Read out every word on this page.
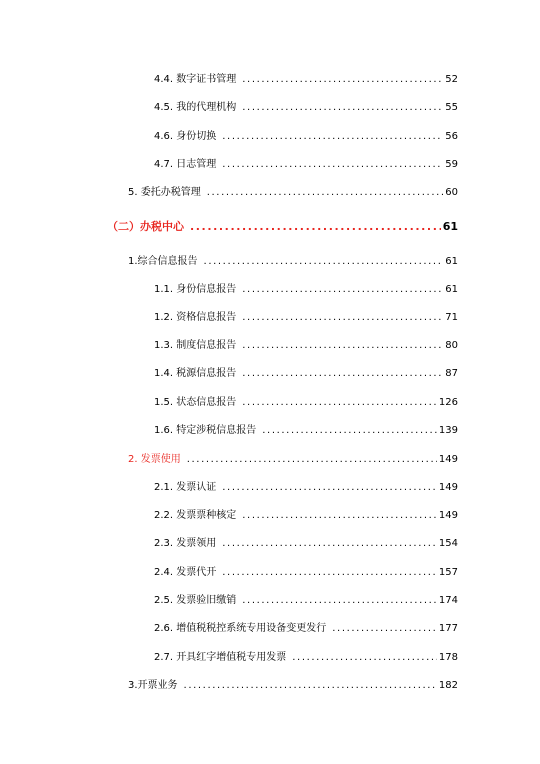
4.4. 数字证书管理 .....	52
4.5. 我的代理机构 .....	55
4.6. 身份切换 .....	56
4.7. 日志管理 .....	59
5. 委托办税管理 .....	60
（二）办税中心 .....	61
1.综合信息报告 .....	61
1.1. 身份信息报告 .....	61
1.2. 资格信息报告 .....	71
1.3. 制度信息报告 .....	80
1.4. 税源信息报告 .....	87
1.5. 状态信息报告 .....	126
1.6. 特定涉税信息报告 .....	139
2. 发票使用 .....	149
2.1. 发票认证 .....	149
2.2. 发票票种核定 .....	149
2.3. 发票领用 .....	154
2.4. 发票代开 .....	157
2.5. 发票验旧缴销 .....	174
2.6. 增值税税控系统专用设备变更发行 .....	177
2.7. 开具红字增值税专用发票 .....	178
3.开票业务 .....	182
